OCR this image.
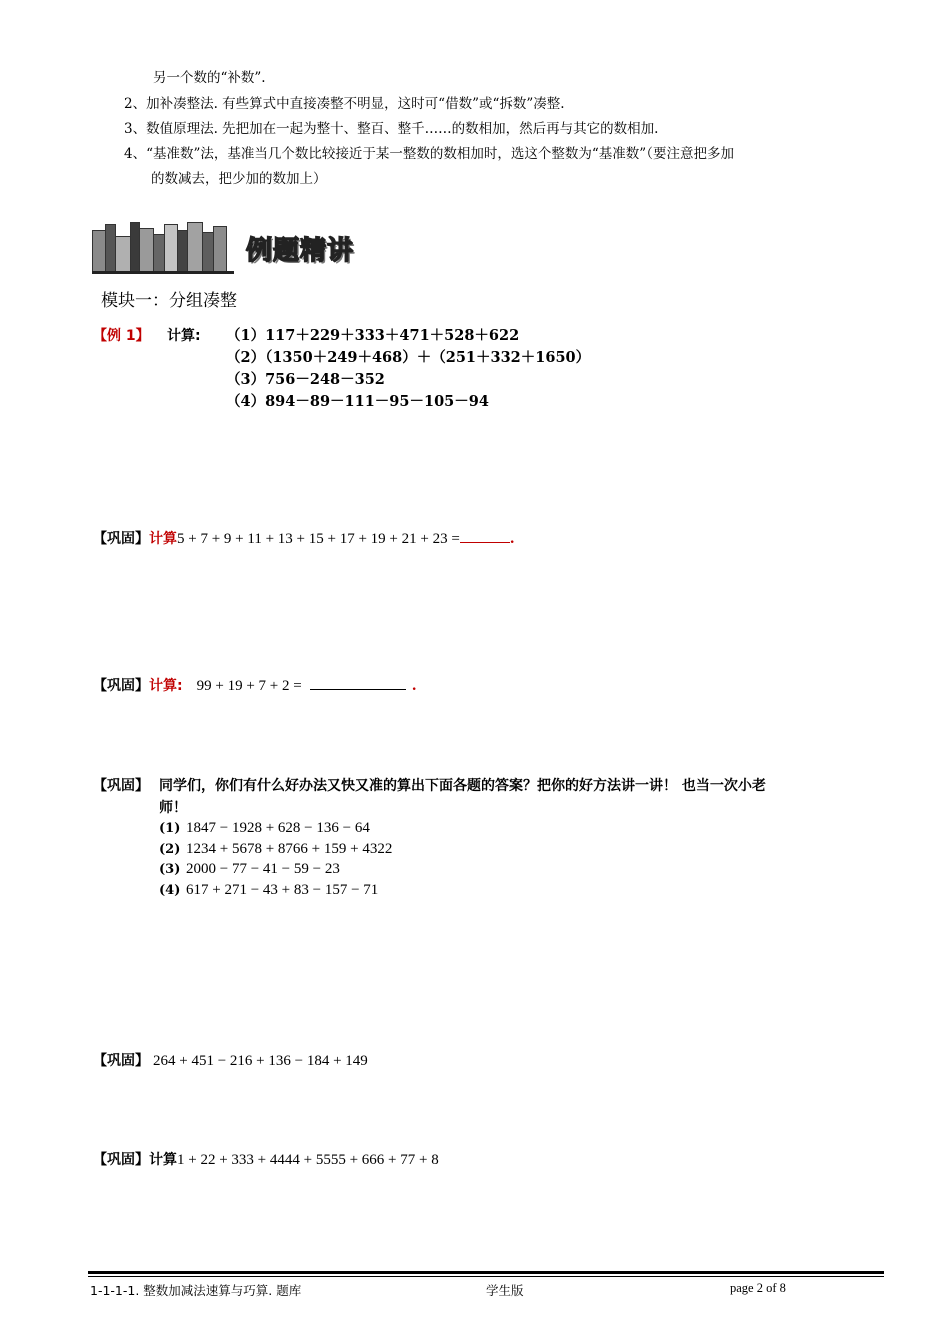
另一个数的“补数”.
2、加补凑整法. 有些算式中直接凑整不明显，这时可“借数”或“拆数”凑整.
3、数值原理法. 先把加在一起为整十、整百、整千……的数相加，然后再与其它的数相加.
4、“基准数”法，基准当几个数比较接近于某一整数的数相加时，选这个整数为“基准数”（要注意把多加
的数减去，把少加的数加上）
例题精讲
模块一：分组凑整
【例 1】 计算: （1）117＋229＋333＋471＋528＋622
（2）（1350＋249＋468）＋（251＋332＋1650）
（3）756－248－352
（4）894－89－111－95－105－94
【巩固】计算5 + 7 + 9 + 11 + 13 + 15 + 17 + 19 + 21 + 23 =	.
【巩固】计算: 99 + 19 + 7 + 2 =	.
【巩固】 同学们，你们有什么好办法又快又准的算出下面各题的答案？把你的好方法讲一讲！ 也当一次小老
师！
(1) 1847 − 1928 + 628 − 136 − 64
(2) 1234 + 5678 + 8766 + 159 + 4322
(3) 2000 − 77 − 41 − 59 − 23
(4) 617 + 271 − 43 + 83 − 157 − 71
【巩固】 264 + 451 − 216 + 136 − 184 + 149
【巩固】计算1 + 22 + 333 + 4444 + 5555 + 666 + 77 + 8
1-1-1-1. 整数加减法速算与巧算. 题库	学生版	page 2 of 8
